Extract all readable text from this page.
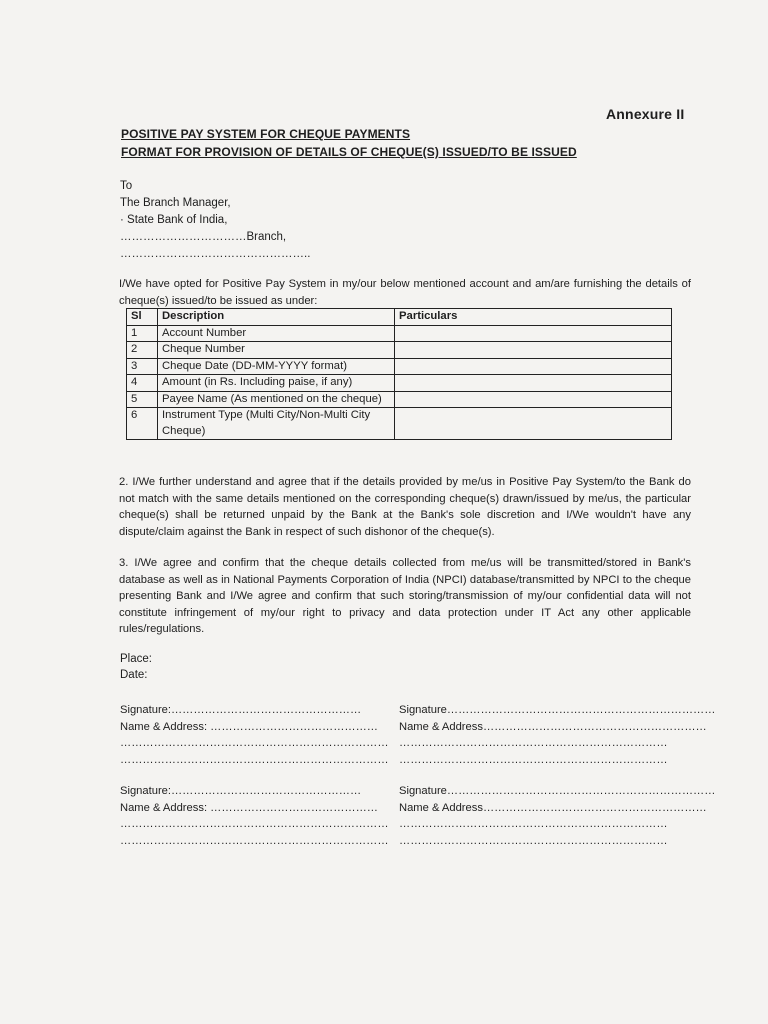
Annexure II
POSITIVE PAY SYSTEM FOR CHEQUE PAYMENTS
FORMAT FOR PROVISION OF DETAILS OF CHEQUE(S) ISSUED/TO BE ISSUED
To
The Branch Manager,
· State Bank of India,
……………………………Branch,
…………………………………………..
I/We have opted for Positive Pay System in my/our below mentioned account and am/are furnishing the details of cheque(s) issued/to be issued as under:
Sl	Description	Particulars
1	Account Number	
2	Cheque Number	
3	Cheque Date (DD-MM-YYYY format)	
4	Amount (in Rs. Including paise, if any)	
5	Payee Name (As mentioned on the cheque)	
6	Instrument Type (Multi City/Non-Multi City Cheque)	
2. I/We further understand and agree that if the details provided by me/us in Positive Pay System/to the Bank do not match with the same details mentioned on the corresponding cheque(s) drawn/issued by me/us, the particular cheque(s) shall be returned unpaid by the Bank at the Bank's sole discretion and I/We wouldn't have any dispute/claim against the Bank in respect of such dishonor of the cheque(s).
3. I/We agree and confirm that the cheque details collected from me/us will be transmitted/stored in Bank's database as well as in National Payments Corporation of India (NPCI) database/transmitted by NPCI to the cheque presenting Bank and I/We agree and confirm that such storing/transmission of my/our confidential data will not constitute infringement of my/our right to privacy and data protection under IT Act any other applicable rules/regulations.
Place:
Date:
Signature:……………………………………………
Name & Address: ………………………………………
………………………………………………………………
………………………………………………………………
Signature………………………………………………………………
Name & Address……………………………………………………
………………………………………………………………
………………………………………………………………
Signature:……………………………………………
Name & Address: ………………………………………
………………………………………………………………
………………………………………………………………
Signature………………………………………………………………
Name & Address……………………………………………………
………………………………………………………………
………………………………………………………………
